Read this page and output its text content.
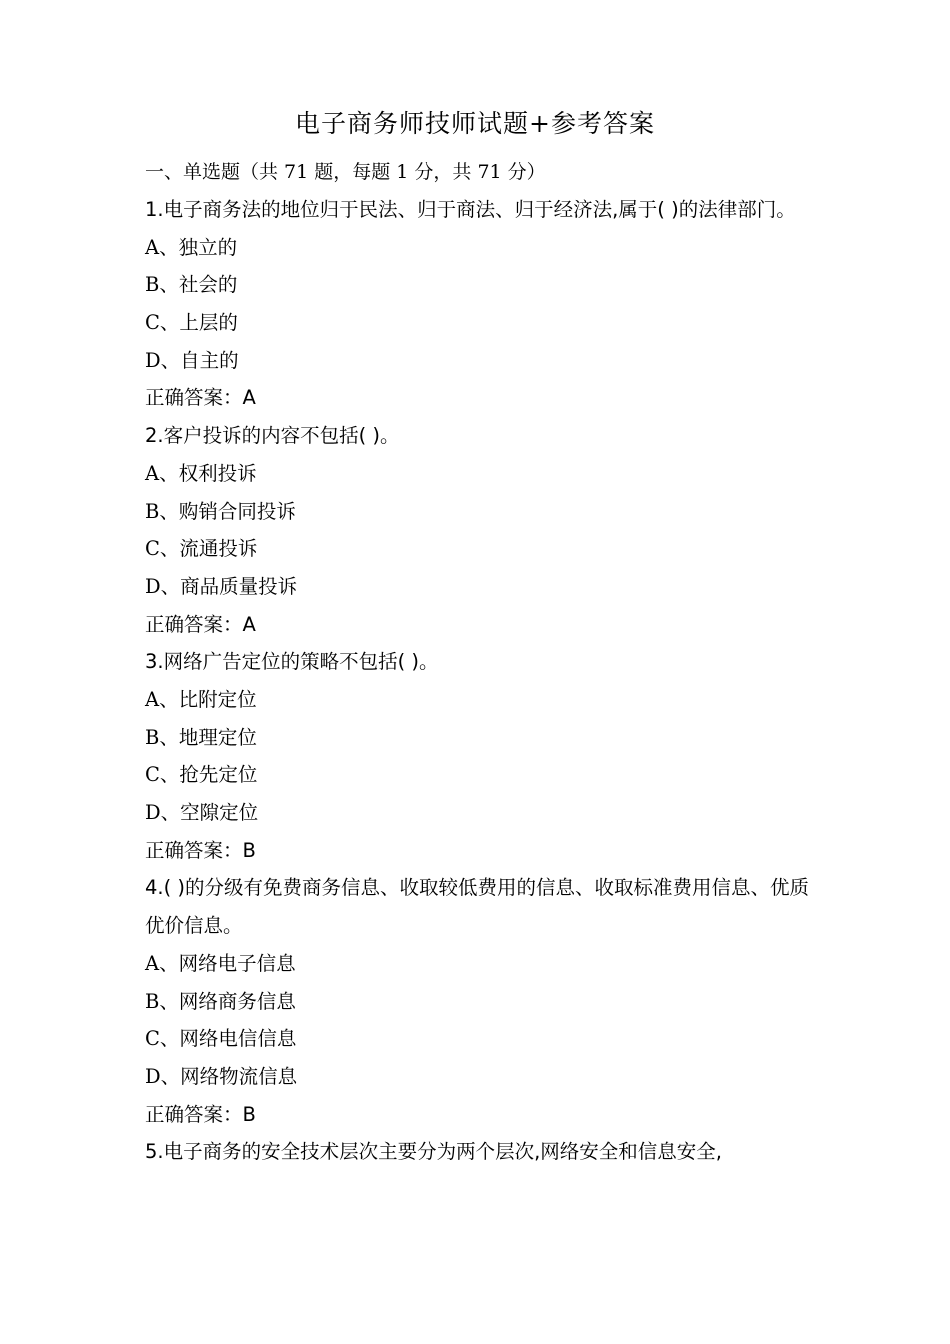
电子商务师技师试题+参考答案
一、单选题（共 71 题，每题 1 分，共 71 分）
1.电子商务法的地位归于民法、归于商法、归于经济法,属于( )的法律部门。
A、独立的
B、社会的
C、上层的
D、自主的
正确答案：A
2.客户投诉的内容不包括( )。
A、权利投诉
B、购销合同投诉
C、流通投诉
D、商品质量投诉
正确答案：A
3.网络广告定位的策略不包括( )。
A、比附定位
B、地理定位
C、抢先定位
D、空隙定位
正确答案：B
4.( )的分级有免费商务信息、收取较低费用的信息、收取标准费用信息、优质优价信息。
A、网络电子信息
B、网络商务信息
C、网络电信信息
D、网络物流信息
正确答案：B
5.电子商务的安全技术层次主要分为两个层次,网络安全和信息安全,
